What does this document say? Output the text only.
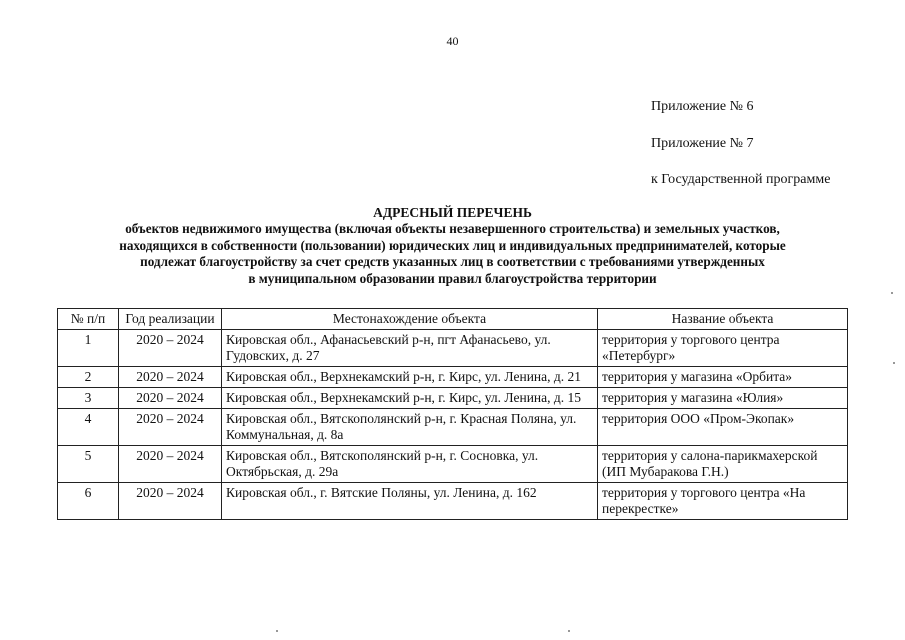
40
Приложение № 6
Приложение № 7
к Государственной программе
АДРЕСНЫЙ ПЕРЕЧЕНЬ
объектов недвижимого имущества (включая объекты незавершенного строительства) и земельных участков,
находящихся в собственности (пользовании) юридических лиц и индивидуальных предпринимателей, которые
подлежат благоустройству за счет средств указанных лиц в соответствии с требованиями утвержденных
в муниципальном образовании правил благоустройства территории
№ п/п	Год реализации	Местонахождение объекта	Название объекта
1	2020 – 2024	Кировская обл., Афанасьевский р-н, пгт Афанасьево, ул. Гудовских, д. 27	территория у торгового центра «Петербург»
2	2020 – 2024	Кировская обл., Верхнекамский р-н, г. Кирс, ул. Ленина, д. 21	территория у магазина «Орбита»
3	2020 – 2024	Кировская обл., Верхнекамский р-н, г. Кирс, ул. Ленина, д. 15	территория у магазина «Юлия»
4	2020 – 2024	Кировская обл., Вятскополянский р-н, г. Красная Поляна, ул. Коммунальная, д. 8а	территория ООО «Пром-Экопак»
5	2020 – 2024	Кировская обл., Вятскополянский р-н, г. Сосновка, ул. Октябрьская, д. 29а	территория у салона-парикмахерской (ИП Мубаракова Г.Н.)
6	2020 – 2024	Кировская обл., г. Вятские Поляны, ул. Ленина, д. 162	территория у торгового центра «На перекрестке»
